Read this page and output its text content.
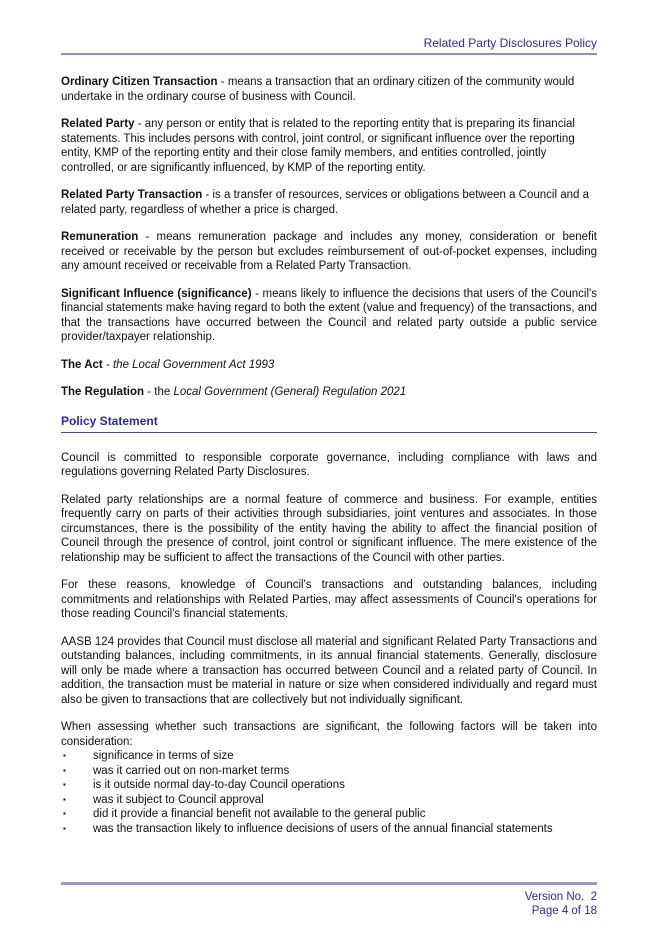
Related Party Disclosures Policy

Ordinary Citizen Transaction - means a transaction that an ordinary citizen of the community would undertake in the ordinary course of business with Council.

Related Party - any person or entity that is related to the reporting entity that is preparing its financial statements. This includes persons with control, joint control, or significant influence over the reporting entity, KMP of the reporting entity and their close family members, and entities controlled, jointly controlled, or are significantly influenced, by KMP of the reporting entity.

Related Party Transaction - is a transfer of resources, services or obligations between a Council and a related party, regardless of whether a price is charged.

Remuneration - means remuneration package and includes any money, consideration or benefit received or receivable by the person but excludes reimbursement of out-of-pocket expenses, including any amount received or receivable from a Related Party Transaction.

Significant Influence (significance) - means likely to influence the decisions that users of the Council's financial statements make having regard to both the extent (value and frequency) of the transactions, and that the transactions have occurred between the Council and related party outside a public service provider/taxpayer relationship.

The Act - the Local Government Act 1993

The Regulation - the Local Government (General) Regulation 2021

Policy Statement

Council is committed to responsible corporate governance, including compliance with laws and regulations governing Related Party Disclosures.

Related party relationships are a normal feature of commerce and business. For example, entities frequently carry on parts of their activities through subsidiaries, joint ventures and associates. In those circumstances, there is the possibility of the entity having the ability to affect the financial position of Council through the presence of control, joint control or significant influence. The mere existence of the relationship may be sufficient to affect the transactions of the Council with other parties.

For these reasons, knowledge of Council's transactions and outstanding balances, including commitments and relationships with Related Parties, may affect assessments of Council's operations for those reading Council's financial statements.

AASB 124 provides that Council must disclose all material and significant Related Party Transactions and outstanding balances, including commitments, in its annual financial statements. Generally, disclosure will only be made where a transaction has occurred between Council and a related party of Council. In addition, the transaction must be material in nature or size when considered individually and regard must also be given to transactions that are collectively but not individually significant.

When assessing whether such transactions are significant, the following factors will be taken into consideration:

▪	significance in terms of size
▪	was it carried out on non-market terms
▪	is it outside normal day-to-day Council operations
▪	was it subject to Council approval
▪	did it provide a financial benefit not available to the general public
▪	was the transaction likely to influence decisions of users of the annual financial statements
Version No.  2
Page 4 of 18
